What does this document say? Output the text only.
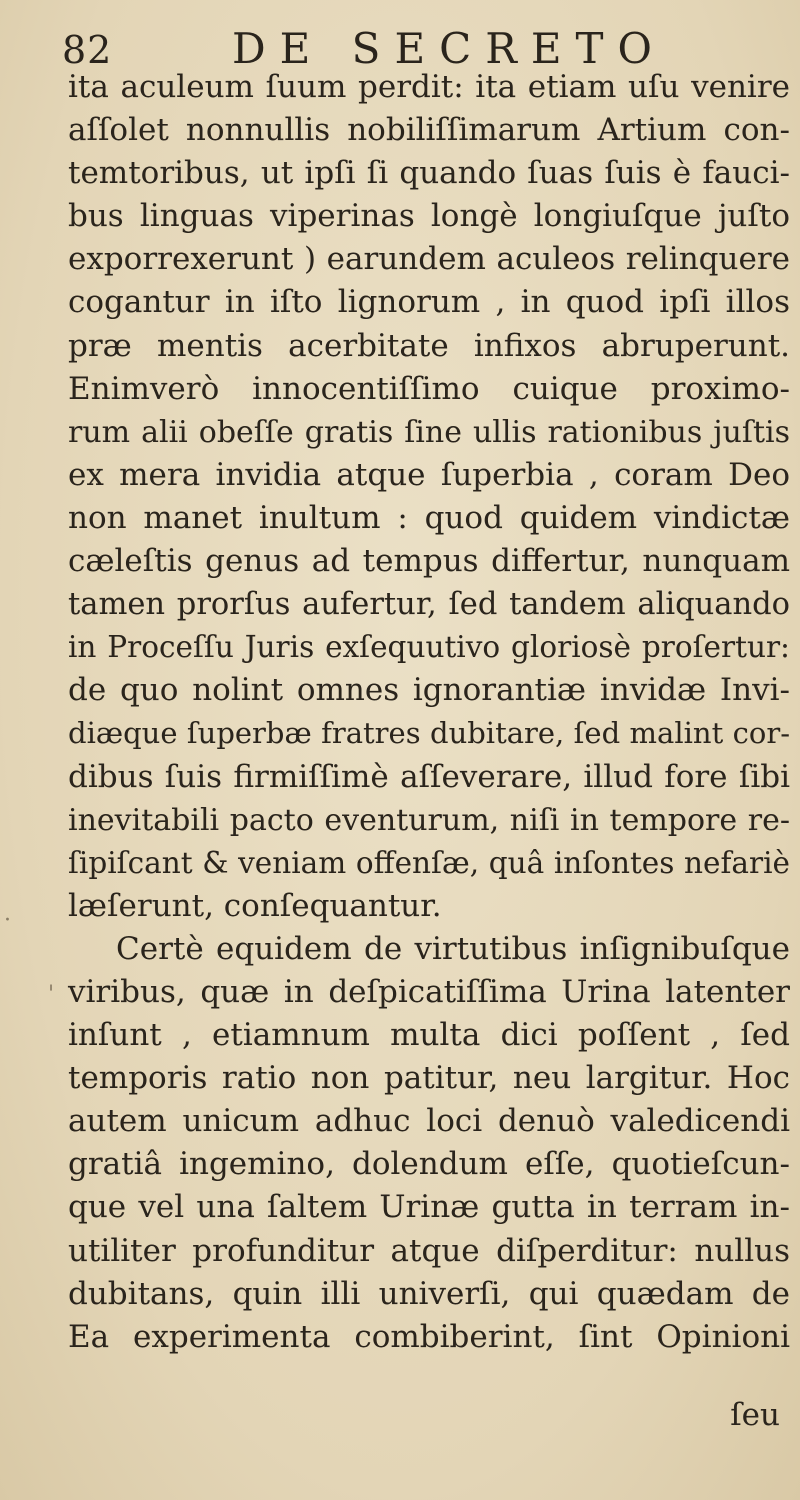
82	DE SECRETO
ita aculeum ſuum perdit: ita etiam uſu venire
aſſolet nonnullis nobiliſſimarum Artium con-
temtoribus, ut ipſi ſi quando ſuas ſuis è fauci-
bus linguas viperinas longè longiuſque juſto
exporrexerunt ) earundem aculeos relinquere
cogantur in iſto lignorum , in quod ipſi illos
præ mentis acerbitate infixos abruperunt.
Enimverò innocentiſſimo cuique proximo-
rum alii obeſſe gratis ſine ullis rationibus juſtis
ex mera invidia atque ſuperbia , coram Deo
non manet inultum : quod quidem vindictæ
cæleſtis genus ad tempus differtur, nunquam
tamen prorſus aufertur, ſed tandem aliquando
in Proceſſu Juris exſequutivo gloriosè proſertur:
de quo nolint omnes ignorantiæ invidæ Invi-
diæque ſuperbæ fratres dubitare, ſed malint cor-
dibus ſuis firmiſſimè aſſeverare, illud fore ſibi
inevitabili pacto eventurum, niſi in tempore re-
ſipiſcant & veniam offenſæ, quâ inſontes nefariè
læſerunt, conſequantur.
Certè equidem de virtutibus inſignibuſque
viribus, quæ in deſpicatiſſima Urina latenter
inſunt , etiamnum multa dici poſſent , ſed
temporis ratio non patitur, neu largitur. Hoc
autem unicum adhuc loci denuò valedicendi
gratiâ ingemino, dolendum eſſe, quotieſcun-
que vel una ſaltem Urinæ gutta in terram in-
utiliter profunditur atque diſperditur: nullus
dubitans, quin illi univerſi, qui quædam de
Ea experimenta combiberint, ſint Opinioni
ſeu
·
'
